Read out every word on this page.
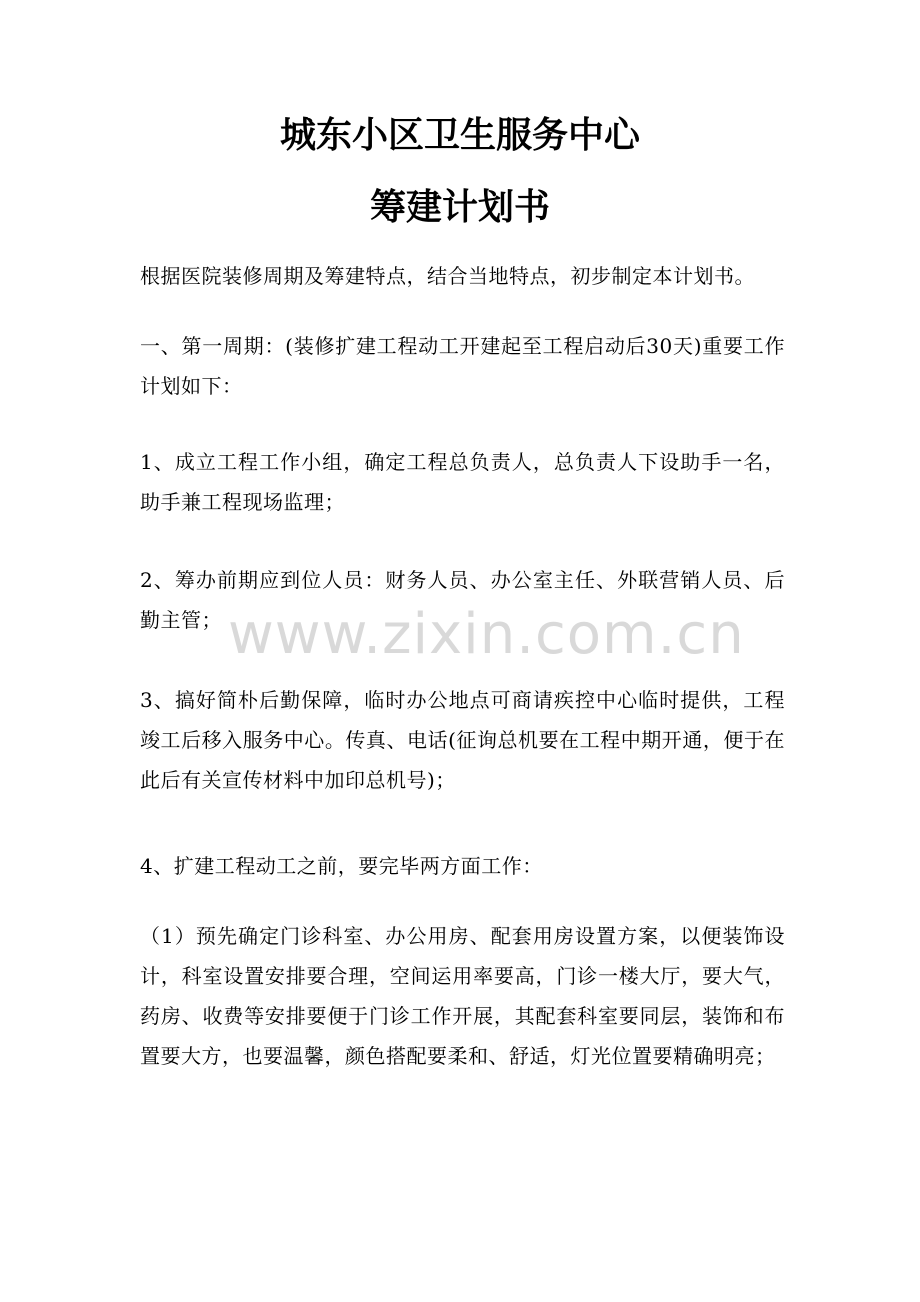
城东小区卫生服务中心
筹建计划书

根据医院装修周期及筹建特点，结合当地特点，初步制定本计划书。

一、第一周期：(装修扩建工程动工开建起至工程启动后30天)重要工作计划如下：

1、成立工程工作小组，确定工程总负责人，总负责人下设助手一名，助手兼工程现场监理；

2、筹办前期应到位人员：财务人员、办公室主任、外联营销人员、后勤主管；

3、搞好简朴后勤保障，临时办公地点可商请疾控中心临时提供，工程竣工后移入服务中心。传真、电话(征询总机要在工程中期开通，便于在此后有关宣传材料中加印总机号)；

4、扩建工程动工之前，要完毕两方面工作：

（1）预先确定门诊科室、办公用房、配套用房设置方案，以便装饰设计，科室设置安排要合理，空间运用率要高，门诊一楼大厅，要大气，药房、收费等安排要便于门诊工作开展，其配套科室要同层，装饰和布置要大方，也要温馨，颜色搭配要柔和、舒适，灯光位置要精确明亮；

www.zixin.com.cn
